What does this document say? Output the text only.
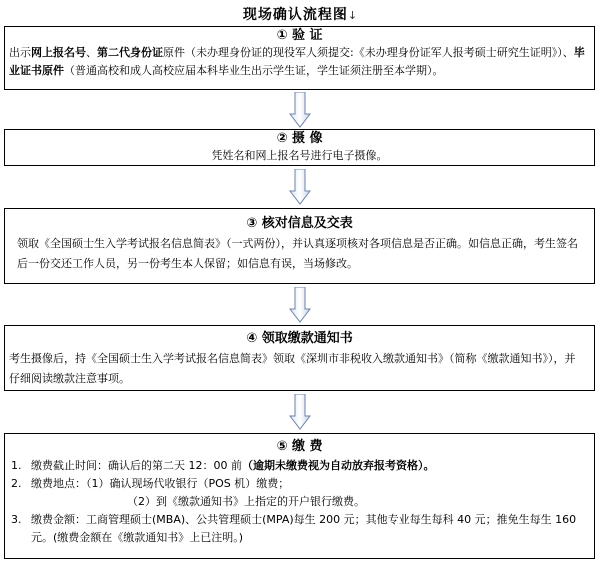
现场确认流程图↓
① 验 证
出示网上报名号、第二代身份证原件（未办理身份证的现役军人须提交:《未办理身份证军人报考硕士研究生证明》）、毕业证书原件（普通高校和成人高校应届本科毕业生出示学生证，学生证须注册至本学期）。
② 摄 像
凭姓名和网上报名号进行电子摄像。
③ 核对信息及交表
领取《全国硕士生入学考试报名信息简表》（一式两份），并认真逐项核对各项信息是否正确。如信息正确，考生签名后一份交还工作人员，另一份考生本人保留；如信息有误，当场修改。
④ 领取缴款通知书
考生摄像后，持《全国硕士生入学考试报名信息简表》领取《深圳市非税收入缴款通知书》（简称《缴款通知书》），并仔细阅读缴款注意事项。
⑤ 缴 费
1. 缴费截止时间：确认后的第二天 12：00 前（逾期未缴费视为自动放弃报考资格）。
2. 缴费地点：（1）确认现场代收银行（POS 机）缴费；
（2）到《缴款通知书》上指定的开户银行缴费。
3. 缴费金额：工商管理硕士(MBA)、公共管理硕士(MPA)每生 200 元；其他专业每生每科 40 元；推免生每生 160 元。(缴费金额在《缴款通知书》上已注明。)
